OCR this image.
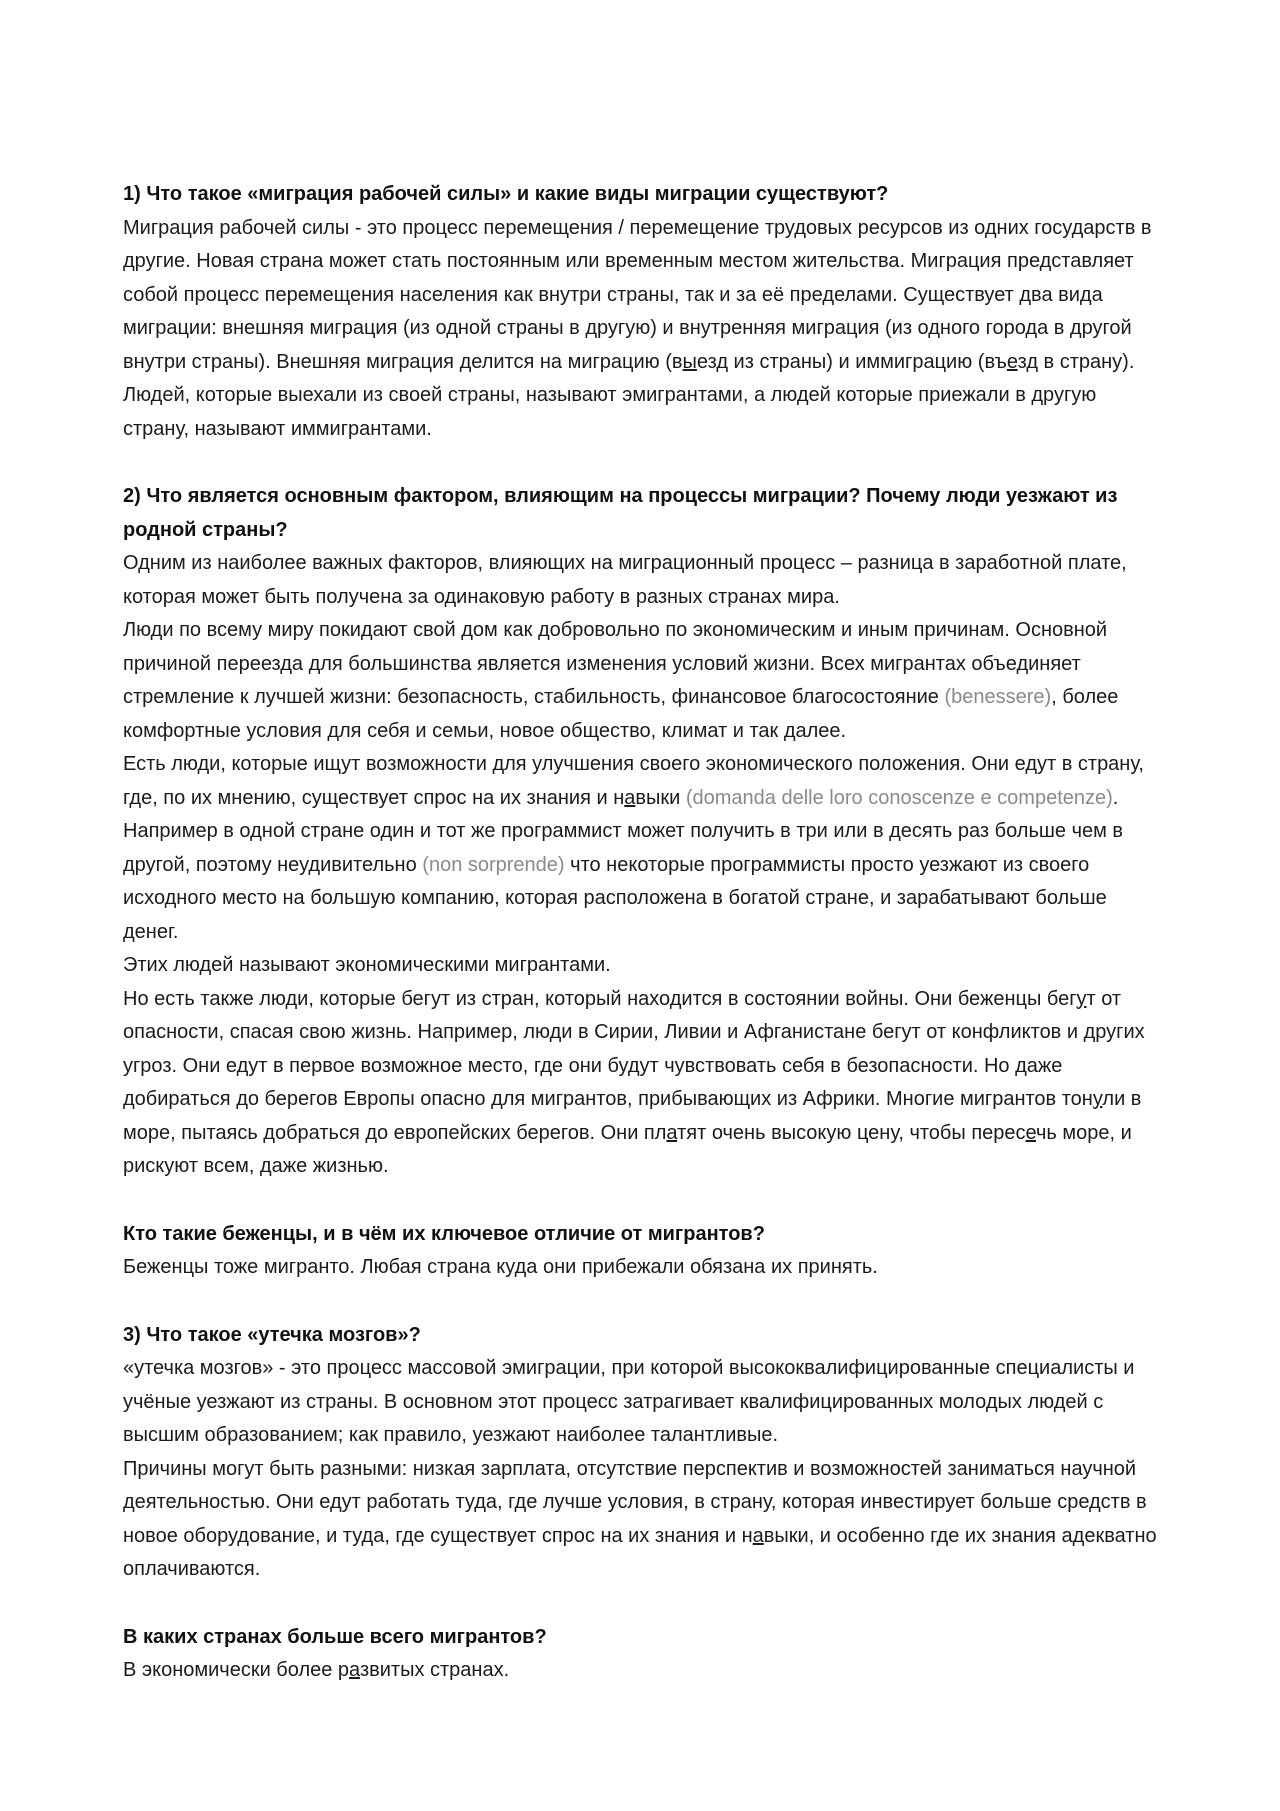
1) Что такое «миграция рабочей силы» и какие виды миграции существуют?

Миграция рабочей силы - это процесс перемещения / перемещение трудовых ресурсов из одних государств в другие. Новая страна может стать постоянным или временным местом жительства. Миграция представляет собой процесс перемещения населения как внутри страны, так и за её пределами. Существует два вида миграции: внешняя миграция (из одной страны в другую) и внутренняя миграция (из одного города в другой внутри страны). Внешняя миграция делится на миграцию (выезд из страны) и иммиграцию (въезд в страну). Людей, которые выехали из своей страны, называют эмигрантами, а людей которые приежали в другую страну, называют иммигрантами.

2) Что является основным фактором, влияющим на процессы миграции? Почему люди уезжают из родной страны?

Одним из наиболее важных факторов, влияющих на миграционный процесс – разница в заработной плате, которая может быть получена за одинаковую работу в разных странах мира.

Люди по всему миру покидают свой дом как добровольно по экономическим и иным причинам. Основной причиной переезда для большинства является изменения условий жизни. Всех мигрантах объединяет стремление к лучшей жизни: безопасность, стабильность, финансовое благосостояние (benessere), более комфортные условия для себя и семьи, новое общество, климат и так далее.

Есть люди, которые ищут возможности для улучшения своего экономического положения. Они едут в страну, где, по их мнению, существует спрос на их знания и навыки (domanda delle loro conoscenze e competenze). Например в одной стране один и тот же программист может получить в три или в десять раз больше чем в другой, поэтому неудивительно (non sorprende) что некоторые программисты просто уезжают из своего исходного место на большую компанию, которая расположена в богатой стране, и зарабатывают больше денег.

Этих людей называют экономическими мигрантами.

Но есть также люди, которые бегут из стран, который находится в состоянии войны. Они беженцы бегут от опасности, спасая свою жизнь. Например, люди в Сирии, Ливии и Афганистане бегут от конфликтов и других угроз. Они едут в первое возможное место, где они будут чувствовать себя в безопасности. Но даже добираться до берегов Европы опасно для мигрантов, прибывающих из Африки. Многие мигрантов тонули в море, пытаясь добраться до европейских берегов. Они платят очень высокую цену, чтобы пересечь море, и рискуют всем, даже жизнью.

Кто такие беженцы, и в чём их ключевое отличие от мигрантов?

Беженцы тоже мигранто. Любая страна куда они прибежали обязана их принять.

3) Что такое «утечка мозгов»?

«утечка мозгов» - это процесс массовой эмиграции, при которой высококвалифицированные специалисты и учёные уезжают из страны. В основном этот процесс затрагивает квалифицированных молодых людей с высшим образованием; как правило, уезжают наиболее талантливые.

Причины могут быть разными: низкая зарплата, отсутствие перспектив и возможностей заниматься научной деятельностью. Они едут работать туда, где лучше условия, в страну, которая инвестирует больше средств в новое оборудование, и туда, где существует спрос на их знания и навыки, и особенно где их знания адекватно оплачиваются.

В каких странах больше всего мигрантов?

В экономически более развитых странах.
